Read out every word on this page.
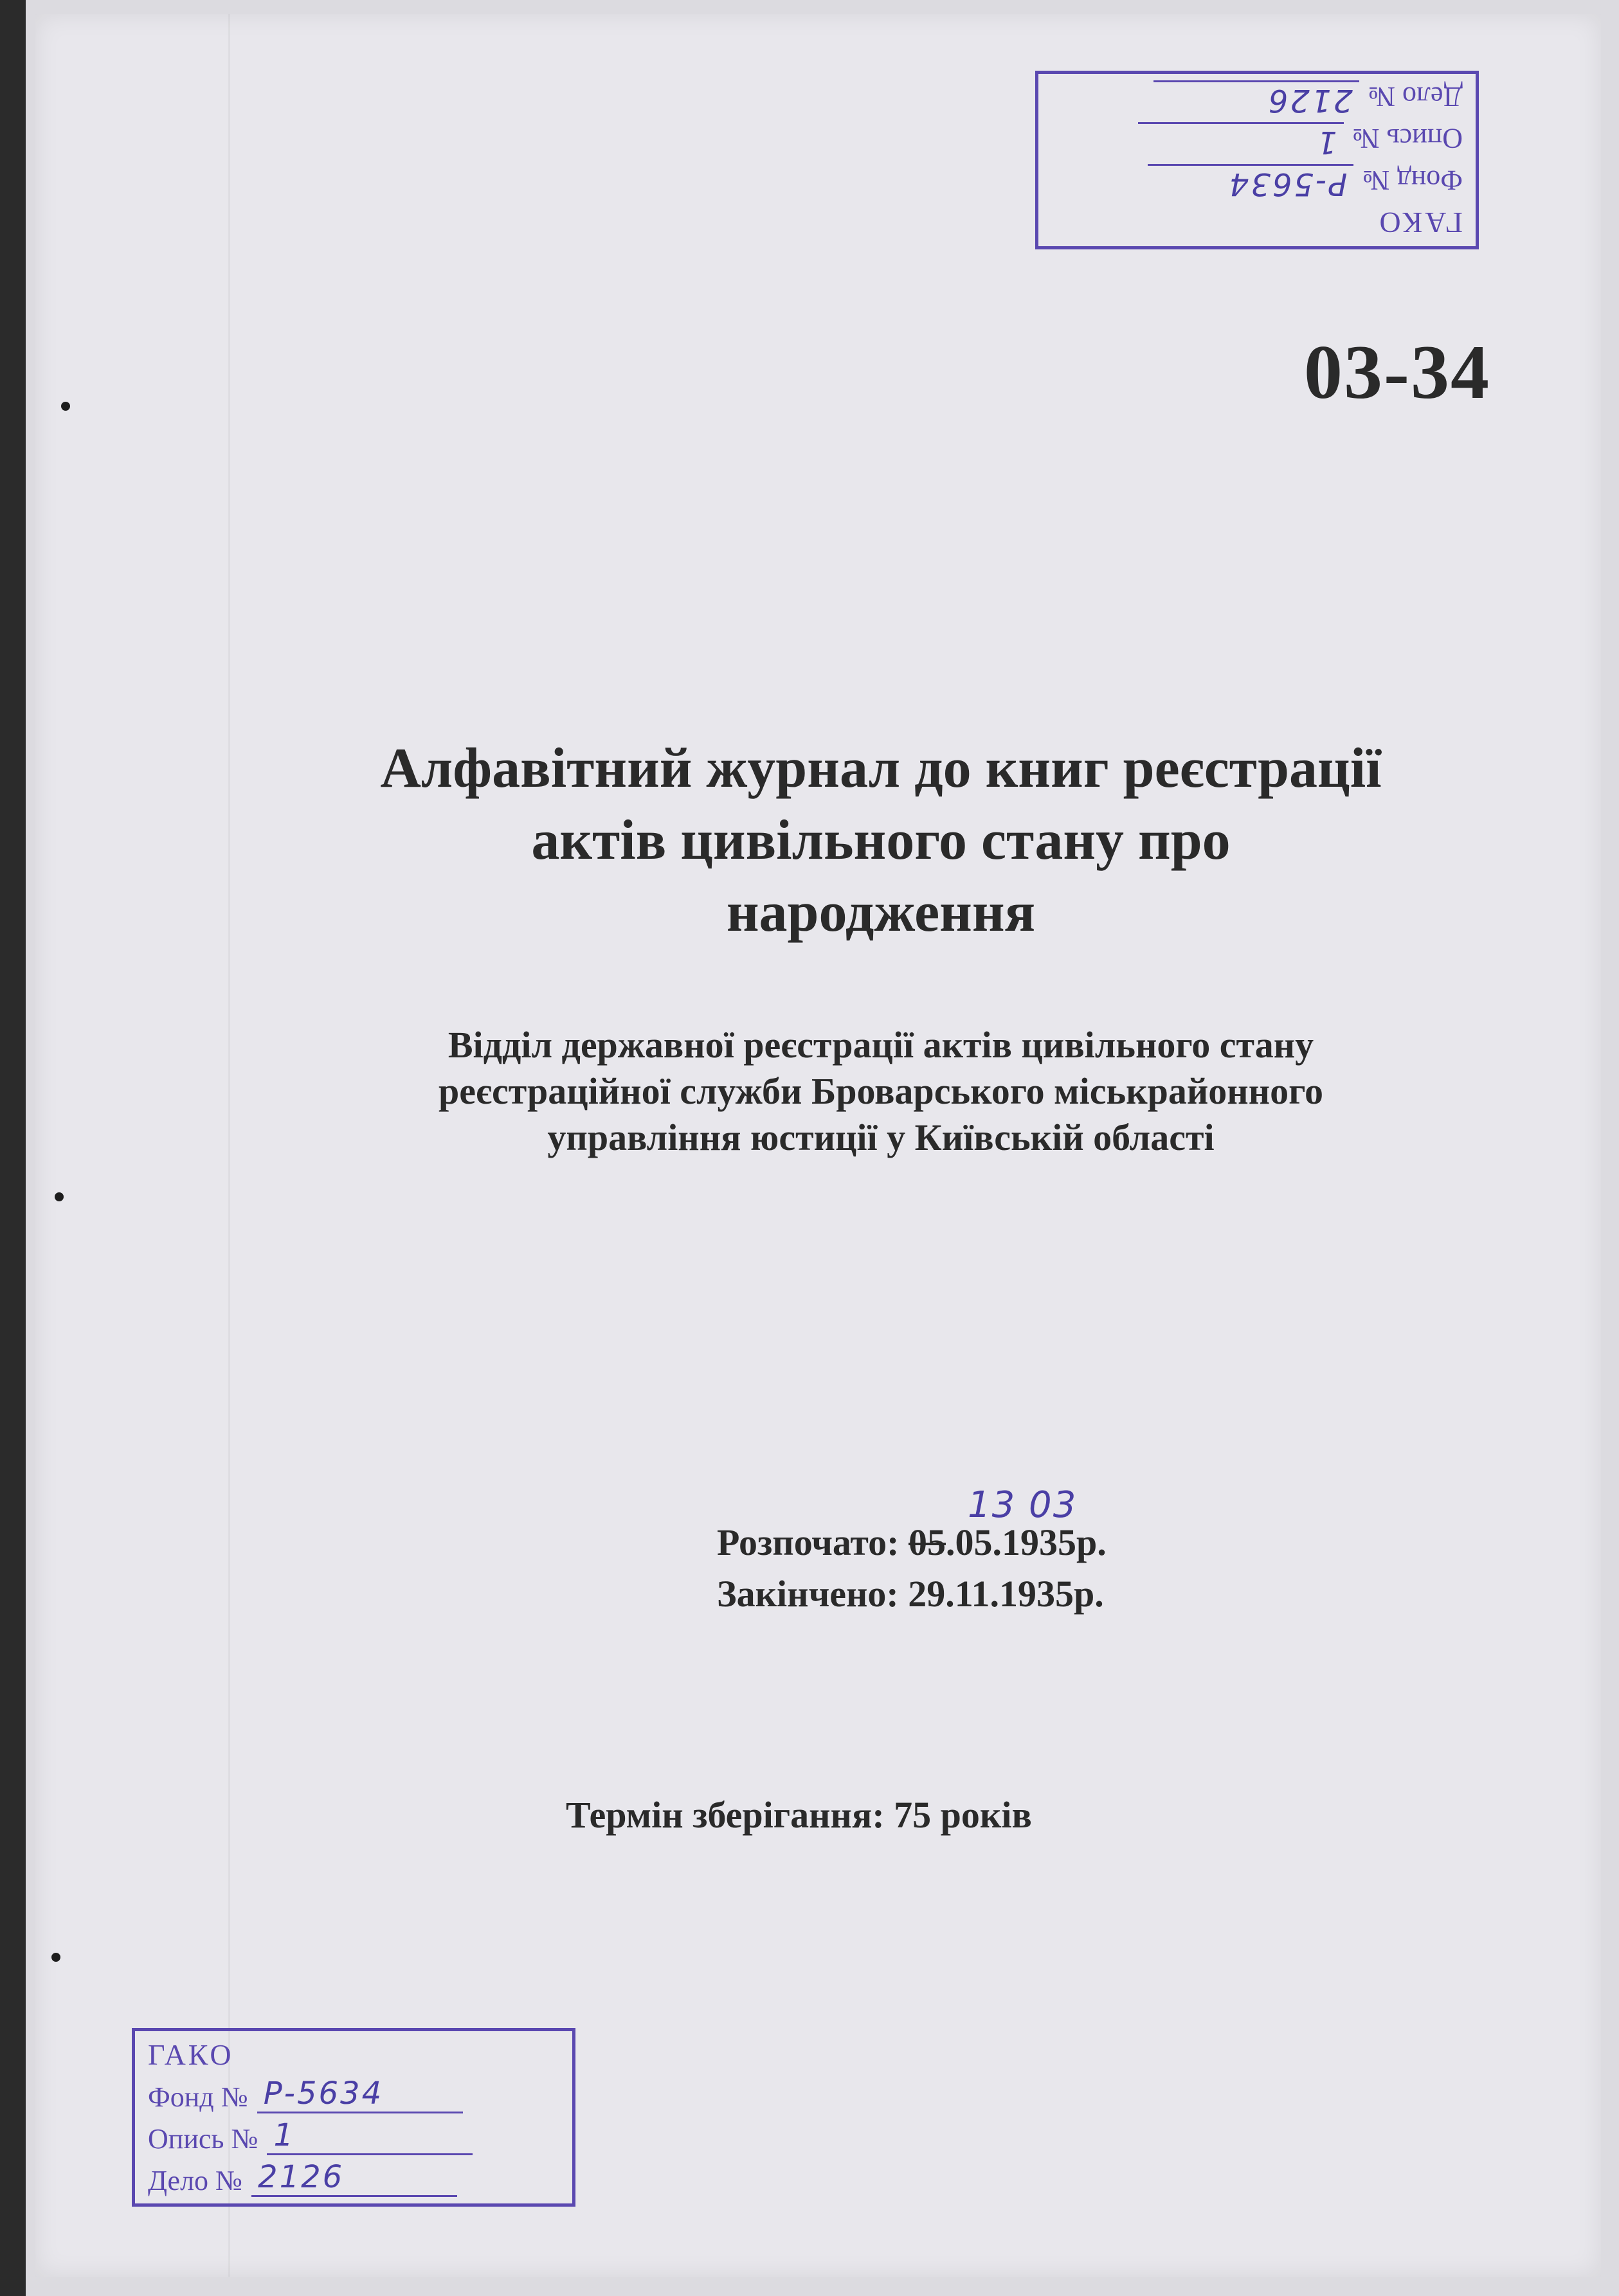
ГАКО
Фонд №
Р-5634
Опись №
1
Дело №
2126
03-34
Алфавітний журнал до книг реєстрації
актів цивільного стану про
народження
Відділ державної реєстрації актів цивільного стану
реєстраційної служби Броварського міськрайонного
управління юстиції у Київській області
13 03
Розпочато: 05.05.1935р.
Закінчено: 29.11.1935р.
Термін зберігання: 75 років
ГАКО
Фонд № Р-5634
Опись № 1
Дело № 2126
